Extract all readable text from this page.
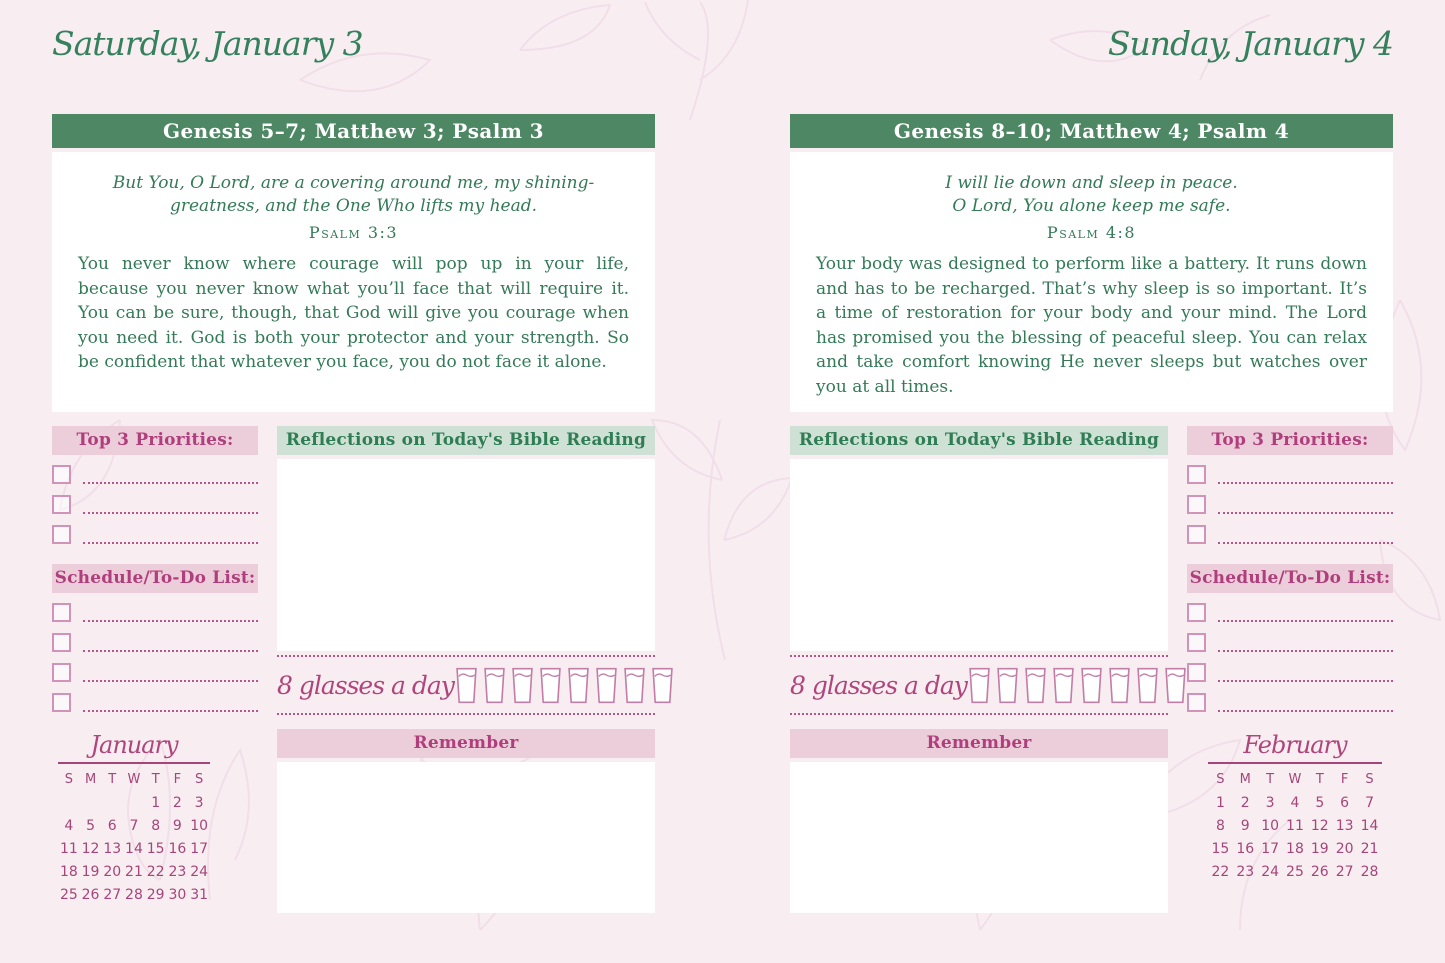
Saturday, January 3
Genesis 5–7; Matthew 3; Psalm 3
But You, O Lord, are a covering around me, my shining-
greatness, and the One Who lifts my head.
Psalm 3:3
You never know where courage will pop up in your life, because you never know what you’ll face that will require it. You can be sure, though, that God will give you courage when you need it. God is both your protector and your strength. So be confident that whatever you face, you do not face it alone.
Top 3 Priorities:
Schedule/To-Do List:
Reflections on Today's Bible Reading
8 glasses a day
Remember
January
S	M	T	W	T	F	S
				1	2	3
4	5	6	7	8	9	10
11	12	13	14	15	16	17
18	19	20	21	22	23	24
25	26	27	28	29	30	31
Sunday, January 4
Genesis 8–10; Matthew 4; Psalm 4
I will lie down and sleep in peace.
O Lord, You alone keep me safe.
Psalm 4:8
Your body was designed to perform like a battery. It runs down and has to be recharged. That’s why sleep is so important. It’s a time of restoration for your body and your mind. The Lord has promised you the blessing of peaceful sleep. You can relax and take comfort knowing He never sleeps but watches over you at all times.
Reflections on Today's Bible Reading
8 glasses a day
Top 3 Priorities:
Schedule/To-Do List:
Remember	February
S	M	T	W	T	F	S
1	2	3	4	5	6	7
8	9	10	11	12	13	14
15	16	17	18	19	20	21
22	23	24	25	26	27	28
